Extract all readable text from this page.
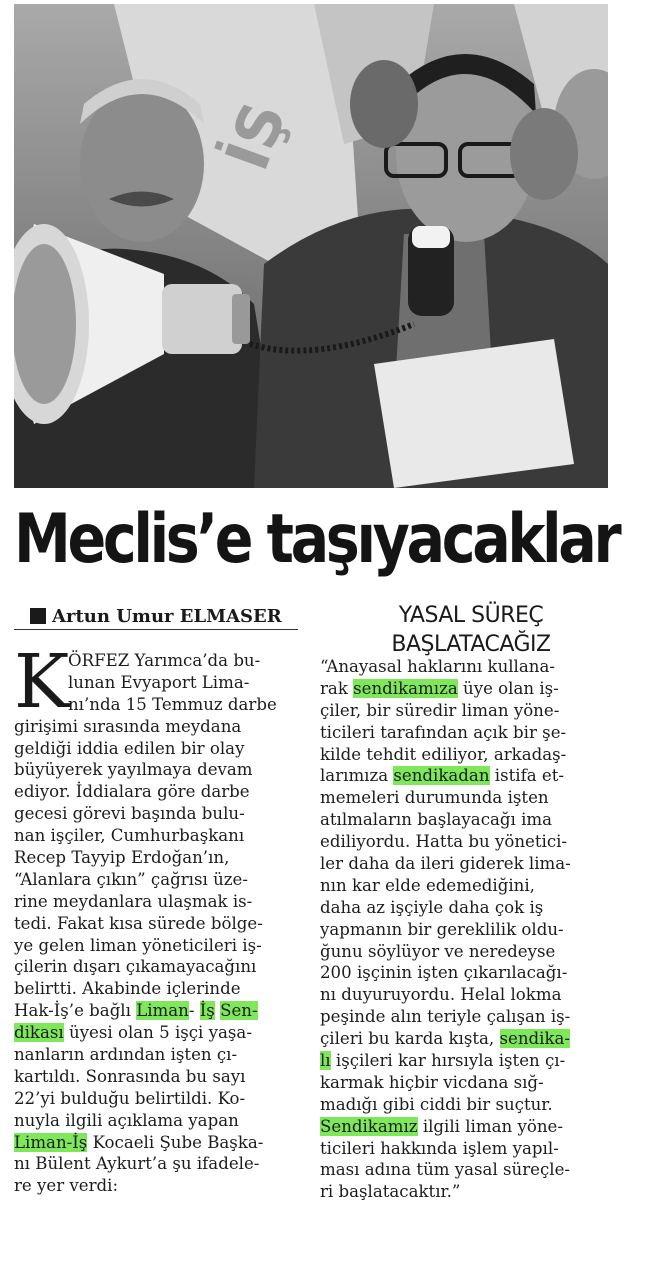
İŞ
Meclis’e taşıyacaklar
Artun Umur ELMASER	YASAL SÜREÇ
BAŞLATACAĞIZ
K
ÖRFEZ Yarımca’da bu-
lunan Evyaport Lima-
nı’nda 15 Temmuz darbe
girişimi sırasında meydana
geldiği iddia edilen bir olay
büyüyerek yayılmaya devam
ediyor. İddialara göre darbe
gecesi görevi başında bulu-
nan işçiler, Cumhurbaşkanı
Recep Tayyip Erdoğan’ın,
“Alanlara çıkın” çağrısı üze-
rine meydanlara ulaşmak is-
tedi. Fakat kısa sürede bölge-
ye gelen liman yöneticileri iş-
çilerin dışarı çıkamayacağını
belirtti. Akabinde içlerinde
Hak-İş’e bağlı Liman- İş Sen-
dikası üyesi olan 5 işçi yaşa-
nanların ardından işten çı-
kartıldı. Sonrasında bu sayı
22’yi bulduğu belirtildi. Ko-
nuyla ilgili açıklama yapan
Liman-İş Kocaeli Şube Başka-
nı Bülent Aykurt’a şu ifadele-
re yer verdi:
“Anayasal haklarını kullana-
rak sendikamıza üye olan iş-
çiler, bir süredir liman yöne-
ticileri tarafından açık bir şe-
kilde tehdit ediliyor, arkadaş-
larımıza sendikadan istifa et-
memeleri durumunda işten
atılmaların başlayacağı ima
ediliyordu. Hatta bu yönetici-
ler daha da ileri giderek lima-
nın kar elde edemediğini,
daha az işçiyle daha çok iş
yapmanın bir gereklilik oldu-
ğunu söylüyor ve neredeyse
200 işçinin işten çıkarılacağı-
nı duyuruyordu. Helal lokma
peşinde alın teriyle çalışan iş-
çileri bu karda kışta, sendika-
lı işçileri kar hırsıyla işten çı-
karmak hiçbir vicdana sığ-
madığı gibi ciddi bir suçtur.
Sendikamız ilgili liman yöne-
ticileri hakkında işlem yapıl-
ması adına tüm yasal süreçle-
ri başlatacaktır.”
